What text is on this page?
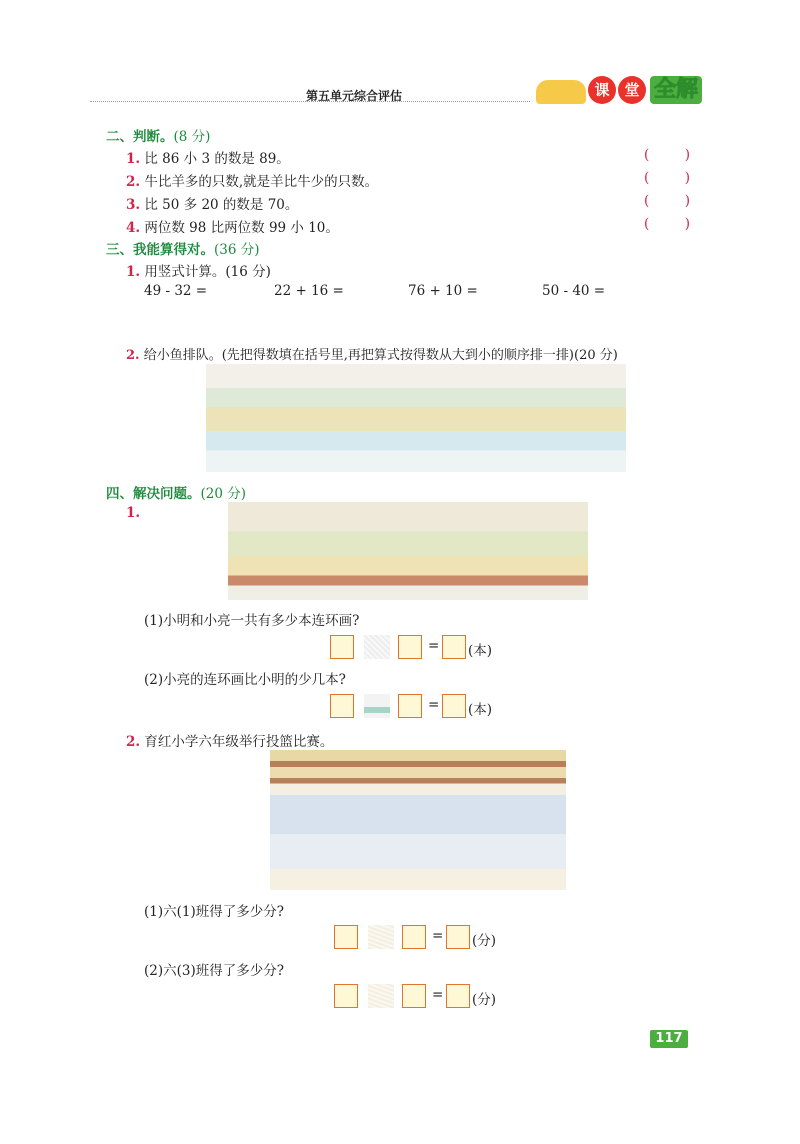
第五单元综合评估	课 堂 全解
二、判断。(8 分)
1. 比 86 小 3 的数是 89。	(	)
2. 牛比羊多的只数,就是羊比牛少的只数。	(	)
3. 比 50 多 20 的数是 70。	(	)
4. 两位数 98 比两位数 99 小 10。	(	)
三、我能算得对。(36 分)
1. 用竖式计算。(16 分)
49 - 32 =	22 + 16 =	76 + 10 =	50 - 40 =
2. 给小鱼排队。(先把得数填在括号里,再把算式按得数从大到小的顺序排一排)(20 分)
四、解决问题。(20 分)
1.
(1)小明和小亮一共有多少本连环画?
= (本)
(2)小亮的连环画比小明的少几本?
= (本)
2. 育红小学六年级举行投篮比赛。
(1)六(1)班得了多少分?
= (分)
(2)六(3)班得了多少分?
= (分)
117
